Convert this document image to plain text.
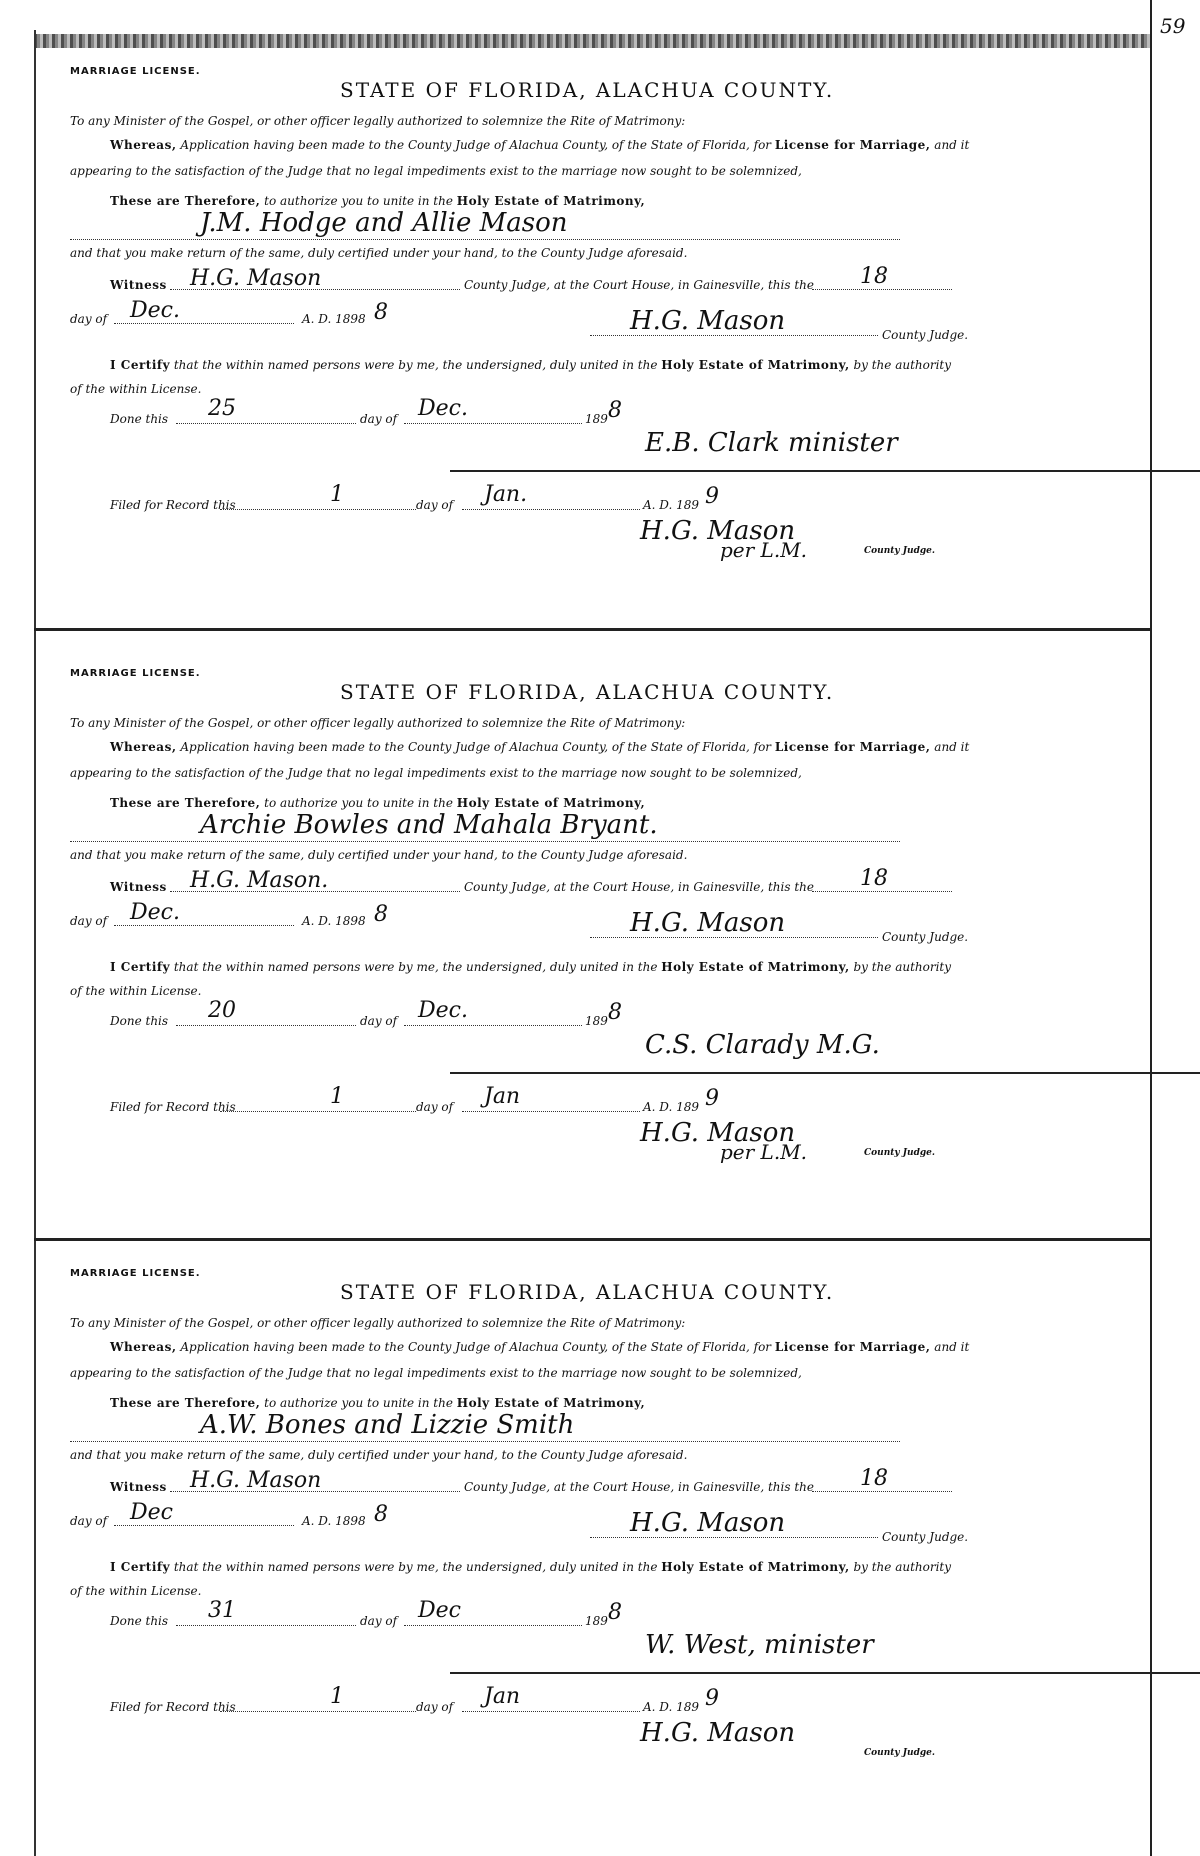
59
MARRIAGE LICENSE.
STATE OF FLORIDA, ALACHUA COUNTY.
To any Minister of the Gospel, or other officer legally authorized to solemnize the Rite of Matrimony:
Whereas, Application having been made to the County Judge of Alachua County, of the State of Florida, for License for Marriage, and it
appearing to the satisfaction of the Judge that no legal impediments exist to the marriage now sought to be solemnized,
These are Therefore, to authorize you to unite in the Holy Estate of Matrimony,
J.M. Hodge and Allie Mason
and that you make return of the same, duly certified under your hand, to the County Judge aforesaid.
Witness H.G. Mason	County Judge, at the Court House, in Gainesville, this the 18
day of Dec.	A. D. 1898 8	H.G. Mason	County Judge.
I Certify that the within named persons were by me, the undersigned, duly united in the Holy Estate of Matrimony, by the authority
of the within License.
Done this 25	day of Dec.	189 8
E.B. Clark minister
Filed for Record this	1	day of Jan.	A. D. 189 9
H.G. Mason
per L.M.	County Judge.
MARRIAGE LICENSE.
STATE OF FLORIDA, ALACHUA COUNTY.
To any Minister of the Gospel, or other officer legally authorized to solemnize the Rite of Matrimony:
Whereas, Application having been made to the County Judge of Alachua County, of the State of Florida, for License for Marriage, and it
appearing to the satisfaction of the Judge that no legal impediments exist to the marriage now sought to be solemnized,
These are Therefore, to authorize you to unite in the Holy Estate of Matrimony,
Archie Bowles and Mahala Bryant.
and that you make return of the same, duly certified under your hand, to the County Judge aforesaid.
Witness H.G. Mason.	County Judge, at the Court House, in Gainesville, this the 18
day of Dec.	A. D. 1898 8	H.G. Mason	County Judge.
I Certify that the within named persons were by me, the undersigned, duly united in the Holy Estate of Matrimony, by the authority
of the within License.
Done this 20	day of Dec.	189 8
C.S. Clarady M.G.
Filed for Record this	1	day of Jan	A. D. 189 9
H.G. Mason
per L.M.	County Judge.
MARRIAGE LICENSE.
STATE OF FLORIDA, ALACHUA COUNTY.
To any Minister of the Gospel, or other officer legally authorized to solemnize the Rite of Matrimony:
Whereas, Application having been made to the County Judge of Alachua County, of the State of Florida, for License for Marriage, and it
appearing to the satisfaction of the Judge that no legal impediments exist to the marriage now sought to be solemnized,
These are Therefore, to authorize you to unite in the Holy Estate of Matrimony,
A.W. Bones and Lizzie Smith
and that you make return of the same, duly certified under your hand, to the County Judge aforesaid.
Witness H.G. Mason	County Judge, at the Court House, in Gainesville, this the 18
day of Dec	A. D. 1898 8	H.G. Mason	County Judge.
I Certify that the within named persons were by me, the undersigned, duly united in the Holy Estate of Matrimony, by the authority
of the within License.
Done this 31	day of Dec	189 8
W. West, minister
Filed for Record this	1	day of Jan	A. D. 189 9
H.G. Mason
County Judge.
